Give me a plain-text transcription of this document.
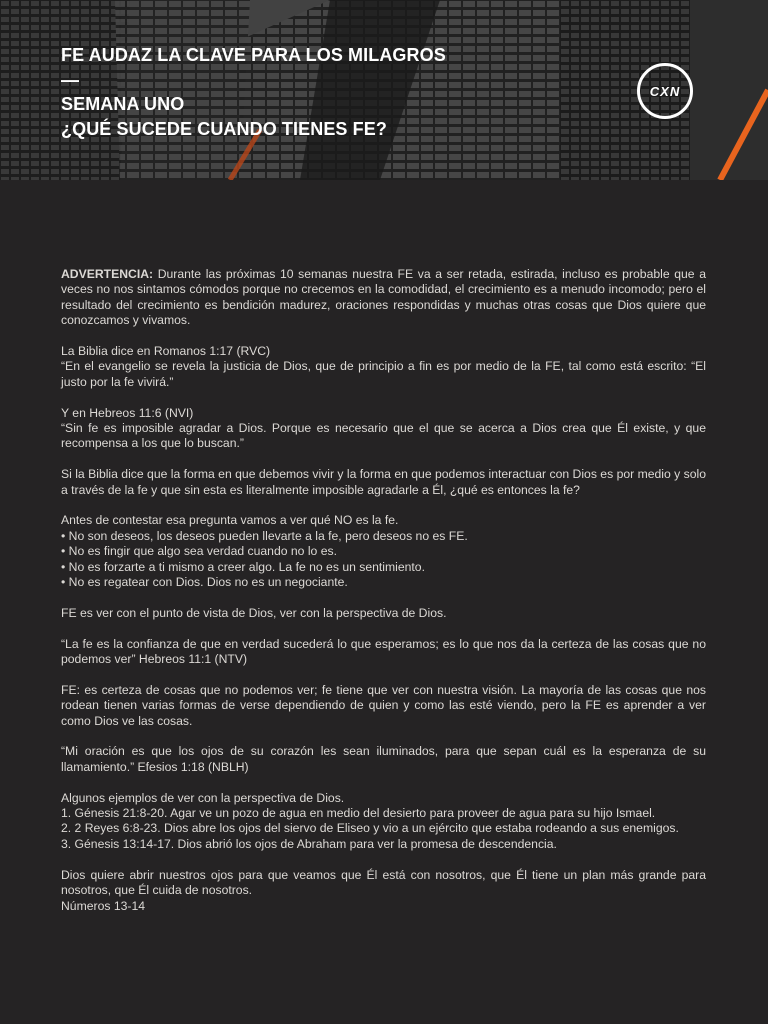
FE AUDAZ LA CLAVE PARA LOS MILAGROS
—
SEMANA UNO
¿QUÉ SUCEDE CUANDO TIENES FE?
CXN

ADVERTENCIA: Durante las próximas 10 semanas nuestra FE va a ser retada, estirada, incluso es probable que a veces no nos sintamos cómodos porque no crecemos en la comodidad, el crecimiento es a menudo incomodo; pero el resultado del crecimiento es bendición madurez, oraciones respondidas y muchas otras cosas que Dios quiere que conozcamos y vivamos.

La Biblia dice en Romanos 1:17 (RVC)
“En el evangelio se revela la justicia de Dios, que de principio a fin es por medio de la FE, tal como está escrito: “El justo por la fe vivirá.”

Y en Hebreos 11:6 (NVI)
“Sin fe es imposible agradar a Dios. Porque es necesario que el que se acerca a Dios crea que Él existe, y que recompensa a los que lo buscan.”

Si la Biblia dice que la forma en que debemos vivir y la forma en que podemos interactuar con Dios es por medio y solo a través de la fe y que sin esta es literalmente imposible agradarle a Él, ¿qué es entonces la fe?

Antes de contestar esa pregunta vamos a ver qué NO es la fe.
• No son deseos, los deseos pueden llevarte a la fe, pero deseos no es FE.
• No es fingir que algo sea verdad cuando no lo es.
• No es forzarte a ti mismo a creer algo. La fe no es un sentimiento.
• No es regatear con Dios. Dios no es un negociante.

FE es ver con el punto de vista de Dios, ver con la perspectiva de Dios.

“La fe es la confianza de que en verdad sucederá lo que esperamos; es lo que nos da la certeza de las cosas que no podemos ver” Hebreos 11:1 (NTV)

FE: es certeza de cosas que no podemos ver; fe tiene que ver con nuestra visión. La mayoría de las cosas que nos rodean tienen varias formas de verse dependiendo de quien y como las esté viendo, pero la FE es aprender a ver como Dios ve las cosas.

“Mi oración es que los ojos de su corazón les sean iluminados, para que sepan cuál es la esperanza de su llamamiento.” Efesios 1:18 (NBLH)

Algunos ejemplos de ver con la perspectiva de Dios.
1. Génesis 21:8-20. Agar ve un pozo de agua en medio del desierto para proveer de agua para su hijo Ismael.
2. 2 Reyes 6:8-23. Dios abre los ojos del siervo de Eliseo y vio a un ejército que estaba rodeando a sus enemigos.
3. Génesis 13:14-17. Dios abrió los ojos de Abraham para ver la promesa de descendencia.

Dios quiere abrir nuestros ojos para que veamos que Él está con nosotros, que Él tiene un plan más grande para nosotros, que Él cuida de nosotros.
Números 13-14
